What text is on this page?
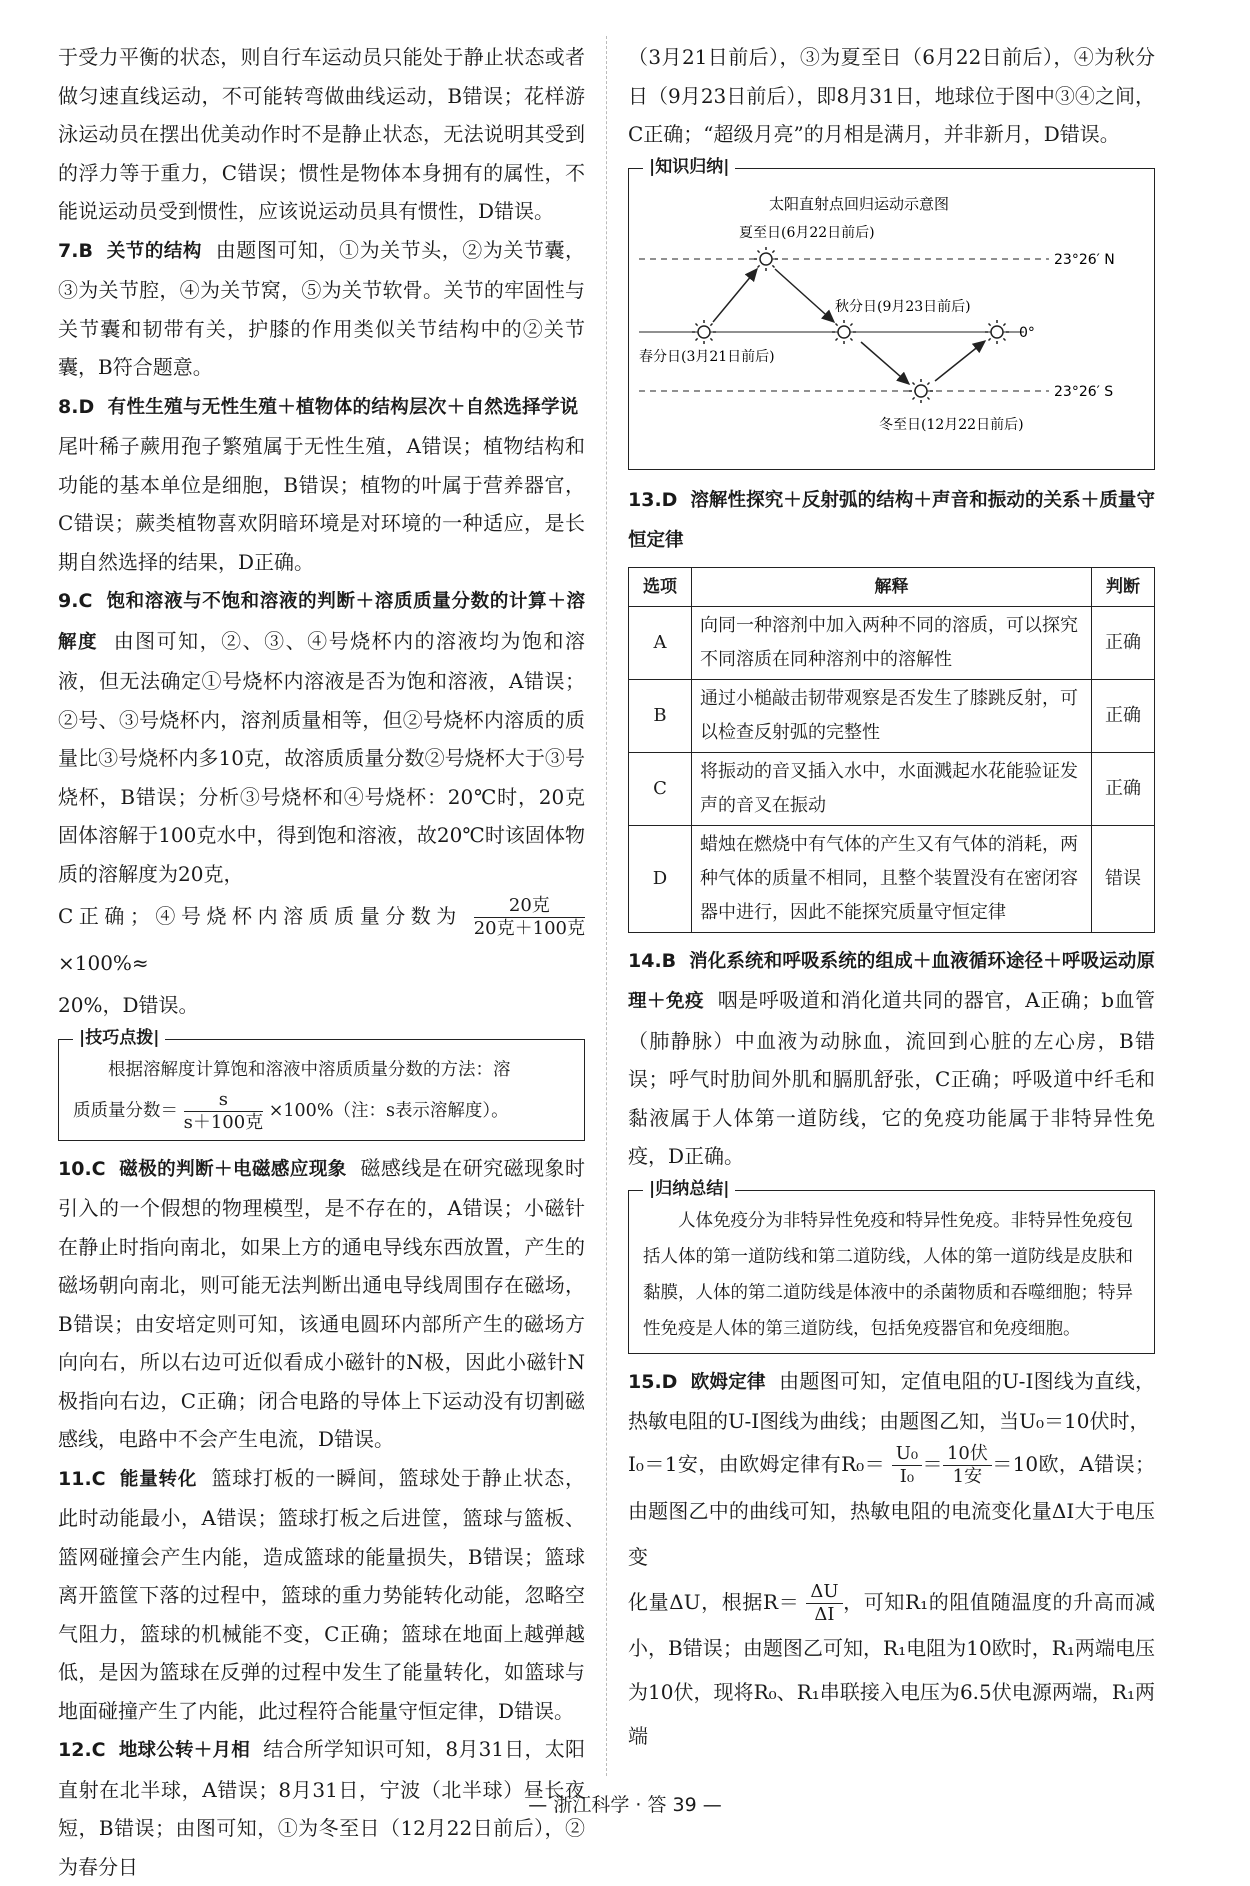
于受力平衡的状态，则自行车运动员只能处于静止状态或者做匀速直线运动，不可能转弯做曲线运动，B错误；花样游泳运动员在摆出优美动作时不是静止状态，无法说明其受到的浮力等于重力，C错误；惯性是物体本身拥有的属性，不能说运动员受到惯性，应该说运动员具有惯性，D错误。

7.B 关节的结构 由题图可知，①为关节头，②为关节囊，③为关节腔，④为关节窝，⑤为关节软骨。关节的牢固性与关节囊和韧带有关，护膝的作用类似关节结构中的②关节囊，B符合题意。

8.D 有性生殖与无性生殖＋植物体的结构层次＋自然选择学说  尾叶稀子蕨用孢子繁殖属于无性生殖，A错误；植物结构和功能的基本单位是细胞，B错误；植物的叶属于营养器官，C错误；蕨类植物喜欢阴暗环境是对环境的一种适应，是长期自然选择的结果，D正确。

9.C 饱和溶液与不饱和溶液的判断＋溶质质量分数的计算＋溶解度 由图可知，②、③、④号烧杯内的溶液均为饱和溶液，但无法确定①号烧杯内溶液是否为饱和溶液，A错误；②号、③号烧杯内，溶剂质量相等，但②号烧杯内溶质的质量比③号烧杯内多10克，故溶质质量分数②号烧杯大于③号烧杯，B错误；分析③号烧杯和④号烧杯：20℃时，20克固体溶解于100克水中，得到饱和溶液，故20℃时该固体物质的溶解度为20克，

C正确；④号烧杯内溶质质量分数为 $\frac{\text{20克}}{\text{20克＋100克}}$
×100%≈

20%，D错误。

| 技巧点拨 |
根据溶解度计算饱和溶液中溶质质量分数的方法：溶
质质量分数＝ $\frac{s}{\text{s＋100克}} \times 100\%$（注：s表示溶解度）。

10.C 磁极的判断＋电磁感应现象 磁感线是在研究磁现象时引入的一个假想的物理模型，是不存在的，A错误；小磁针在静止时指向南北，如果上方的通电导线东西放置，产生的磁场朝向南北，则可能无法判断出通电导线周围存在磁场，B错误；由安培定则可知，该通电圆环内部所产生的磁场方向向右，所以右边可近似看成小磁针的N极，因此小磁针N极指向右边，C正确；闭合电路的导体上下运动没有切割磁感线，电路中不会产生电流，D错误。

11.C 能量转化 篮球打板的一瞬间，篮球处于静止状态，此时动能最小，A错误；篮球打板之后进筐，篮球与篮板、篮网碰撞会产生内能，造成篮球的能量损失，B错误；篮球离开篮筐下落的过程中，篮球的重力势能转化动能，忽略空气阻力，篮球的机械能不变，C正确；篮球在地面上越弹越低，是因为篮球在反弹的过程中发生了能量转化，如篮球与地面碰撞产生了内能，此过程符合能量守恒定律，D错误。

12.C 地球公转＋月相 结合所学知识可知，8月31日，太阳直射在北半球，A错误；8月31日，宁波（北半球）昼长夜短，B错误；由图可知，①为冬至日（12月22日前后），②为春分日

（3月21日前后），③为夏至日（6月22日前后），④为秋分日（9月23日前后），即8月31日，地球位于图中③④之间，C正确；“超级月亮”的月相是满月，并非新月，D错误。

| 知识归纳 |
太阳直射点回归运动示意图
夏至日(6月22日前后)
秋分日(9月23日前后)
春分日(3月21日前后)
冬至日(12月22日前后)
23°26′ N
0°
23°26′ S

13.D 溶解性探究＋反射弧的结构＋声音和振动的关系＋质量守恒定律

选项	解释	判断
A	向同一种溶剂中加入两种不同的溶质，可以探究不同溶质在同种溶剂中的溶解性	正确
B	通过小槌敲击韧带观察是否发生了膝跳反射，可以检查反射弧的完整性	正确
C	将振动的音叉插入水中，水面溅起水花能验证发声的音叉在振动	正确
D	蜡烛在燃烧中有气体的产生又有气体的消耗，两种气体的质量不相同，且整个装置没有在密闭容器中进行，因此不能探究质量守恒定律	错误

14.B 消化系统和呼吸系统的组成＋血液循环途径＋呼吸运动原理＋免疫 咽是呼吸道和消化道共同的器官，A正确；b血管（肺静脉）中血液为动脉血，流回到心脏的左心房，B错误；呼气时肋间外肌和膈肌舒张，C正确；呼吸道中纤毛和黏液属于人体第一道防线，它的免疫功能属于非特异性免疫，D正确。

| 归纳总结 |
人体免疫分为非特异性免疫和特异性免疫。非特异性免疫包括人体的第一道防线和第二道防线，人体的第一道防线是皮肤和黏膜，人体的第二道防线是体液中的杀菌物质和吞噬细胞；特异性免疫是人体的第三道防线，包括免疫器官和免疫细胞。

15.D 欧姆定律 由题图可知，定值电阻的U-I图线为直线，热敏电阻的U-I图线为曲线；由题图乙知，当U₀＝10伏时，

I₀＝1安，由欧姆定律有$R_0= \frac{\text{U₀}}{\text{I₀}} = \frac{\text{10伏}}{\text{1安}} =10$欧，A错误；由题图乙中的曲线可知，热敏电阻的电流变化量ΔI大于电压变

化量ΔU，根据$R= \frac{\Delta U}{\Delta I}$ ，可知R₁的阻值随温度的升高而减小，B错误；由题图乙可知，R₁电阻为10欧时，R₁两端电压为10伏，现将R₀、R₁串联接入电压为6.5伏电源两端，R₁两端

— 浙江科学 · 答 39 —
